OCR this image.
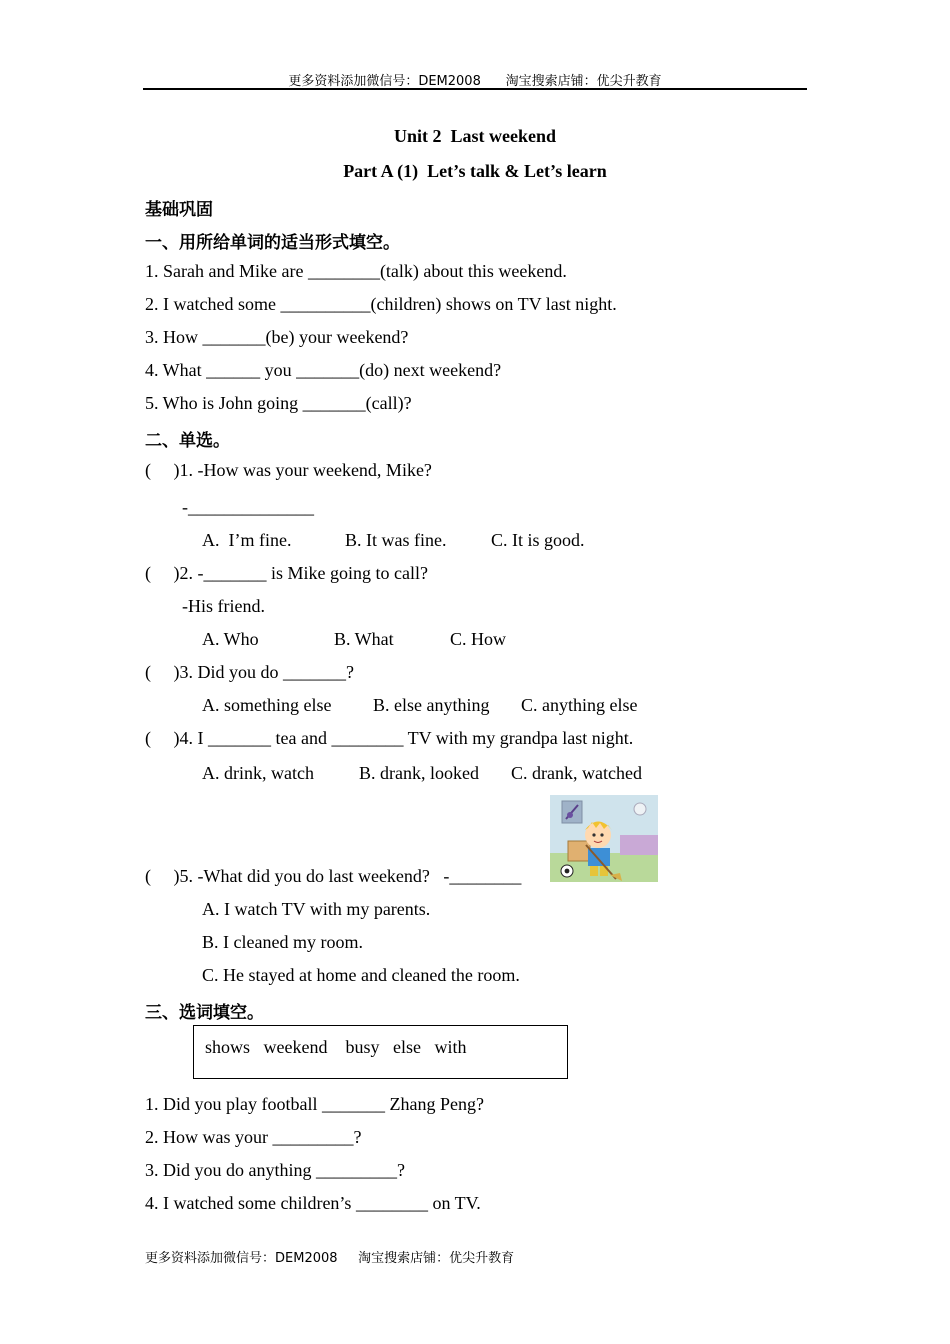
更多资料添加微信号：DEM2008      淘宝搜索店铺：优尖升教育
Unit 2  Last weekend
Part A (1)  Let’s talk & Let’s learn
基础巩固
一、用所给单词的适当形式填空。
1. Sarah and Mike are ________(talk) about this weekend.
2. I watched some __________(children) shows on TV last night.
3. How _______(be) your weekend?
4. What ______ you _______(do) next weekend?
5. Who is John going _______(call)?
二、单选。
(     )1. -How was your weekend, Mike?
-______________
A.  I’m fine.	B. It was fine. C. It is good.
(     )2. -_______ is Mike going to call?
-His friend.
A. Who	B. What	C. How
(     )3. Did you do _______?
A. something else B. else anything C. anything else
(     )4. I _______ tea and ________ TV with my grandpa last night.
A. drink, watch	B. drank, looked C. drank, watched
(     )5. -What did you do last weekend?   -________
A. I watch TV with my parents.
B. I cleaned my room.
C. He stayed at home and cleaned the room.
三、选词填空。
shows   weekend    busy   else   with
1. Did you play football _______ Zhang Peng?
2. How was your _________?
3. Did you do anything _________?
4. I watched some children’s ________ on TV.
更多资料添加微信号：DEM2008     淘宝搜索店铺：优尖升教育
